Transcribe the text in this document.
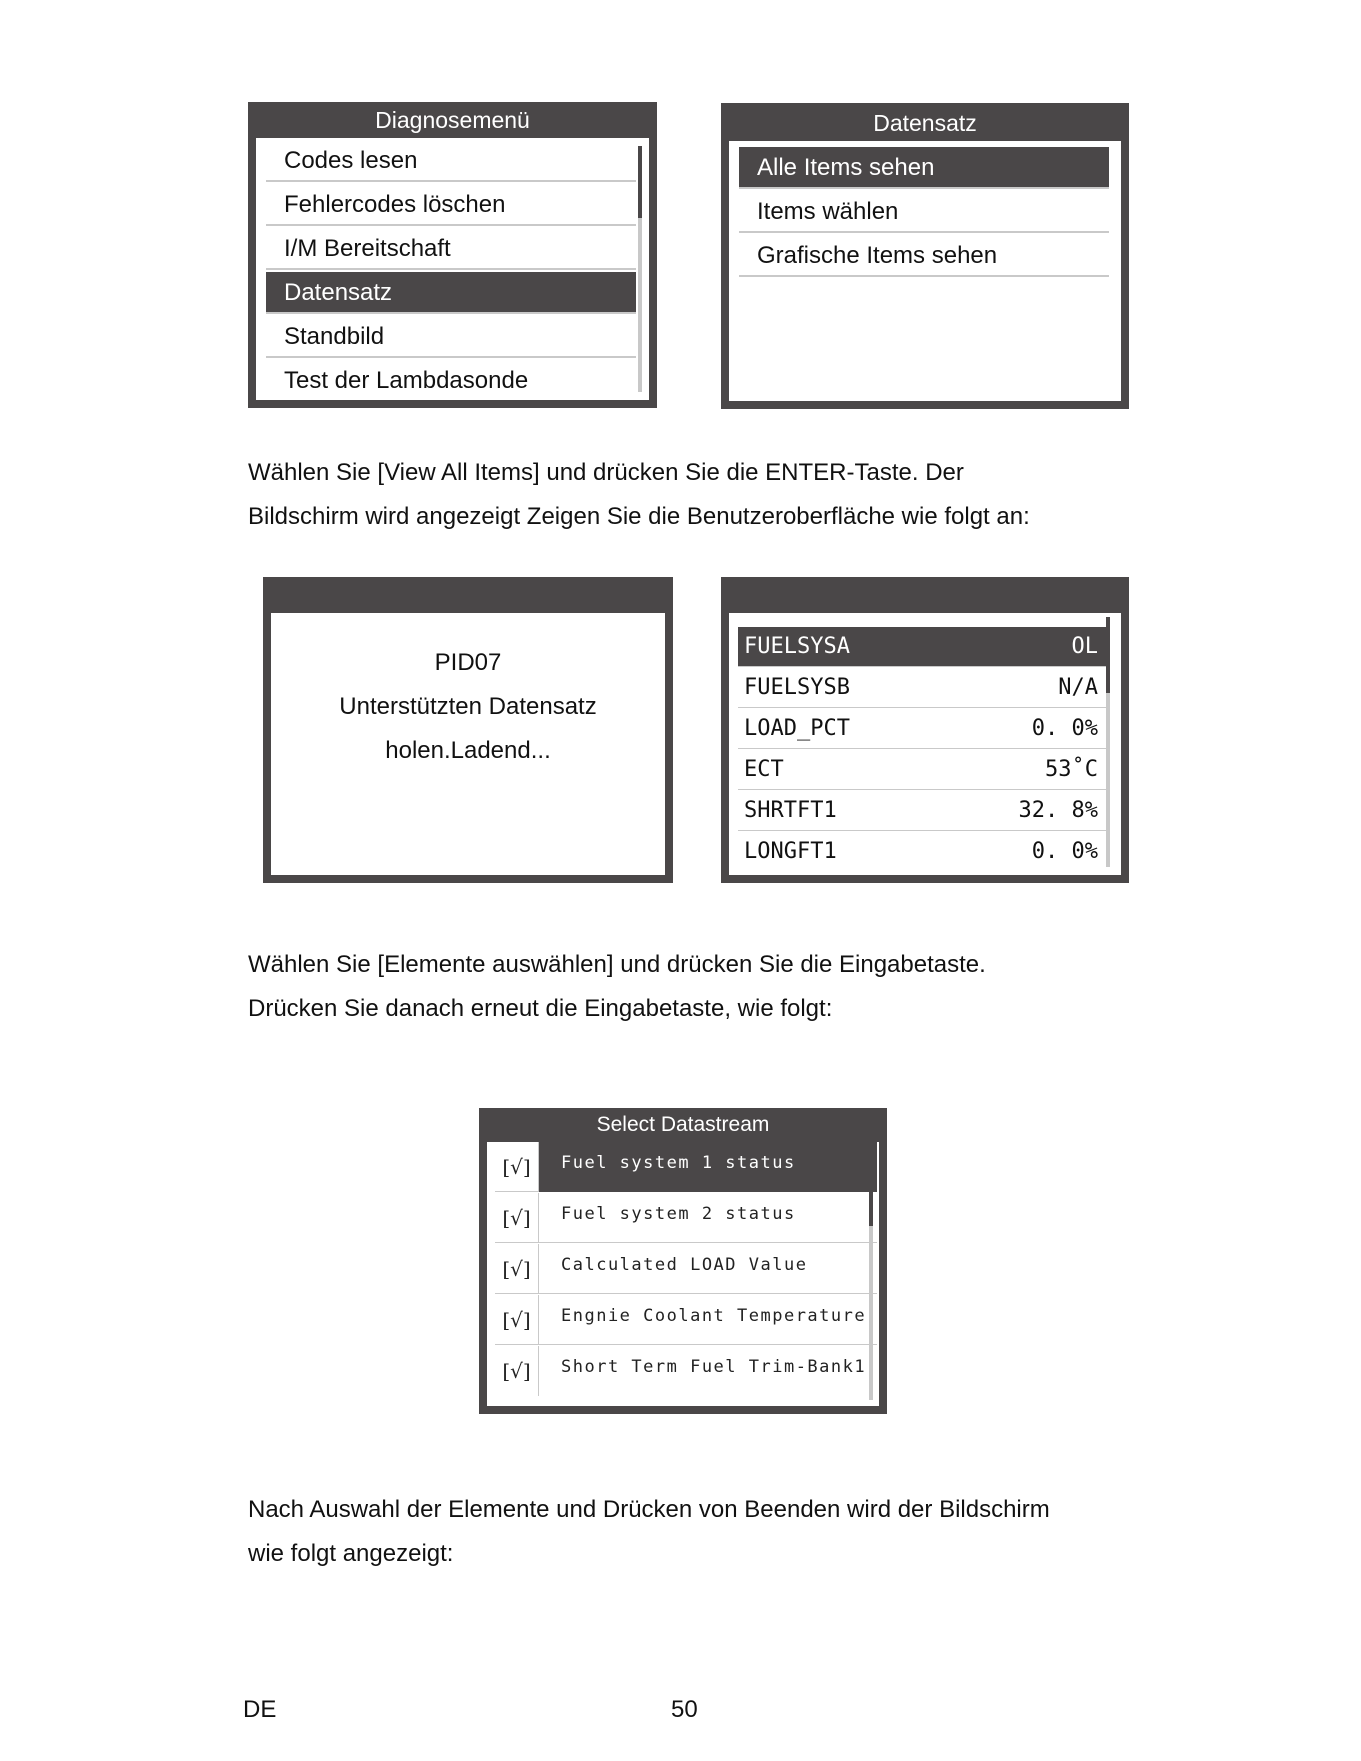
Diagnosemenü
Codes lesen
Fehlercodes löschen
I/M Bereitschaft
Datensatz
Standbild
Test der Lambdasonde
Datensatz
Alle Items sehen
Items wählen
Grafische Items sehen
Wählen Sie [View All Items] und drücken Sie die ENTER-Taste. Der
Bildschirm wird angezeigt Zeigen Sie die Benutzeroberfläche wie folgt an:
PID07
Unterstützten Datensatz
holen.Ladend...
FUELSYSA	OL
FUELSYSB	N/A
LOAD_PCT	0. 0%
ECT	53˚C
SHRTFT1	32. 8%
LONGFT1	0. 0%
Wählen Sie [Elemente auswählen] und drücken Sie die Eingabetaste.
Drücken Sie danach erneut die Eingabetaste, wie folgt:
Select Datastream
[√]	Fuel system 1 status
[√]	Fuel system 2 status
[√]	Calculated LOAD Value
[√]	Engnie Coolant Temperature
[√]	Short Term Fuel Trim-Bank1
Nach Auswahl der Elemente und Drücken von Beenden wird der Bildschirm
wie folgt angezeigt:
DE	50
